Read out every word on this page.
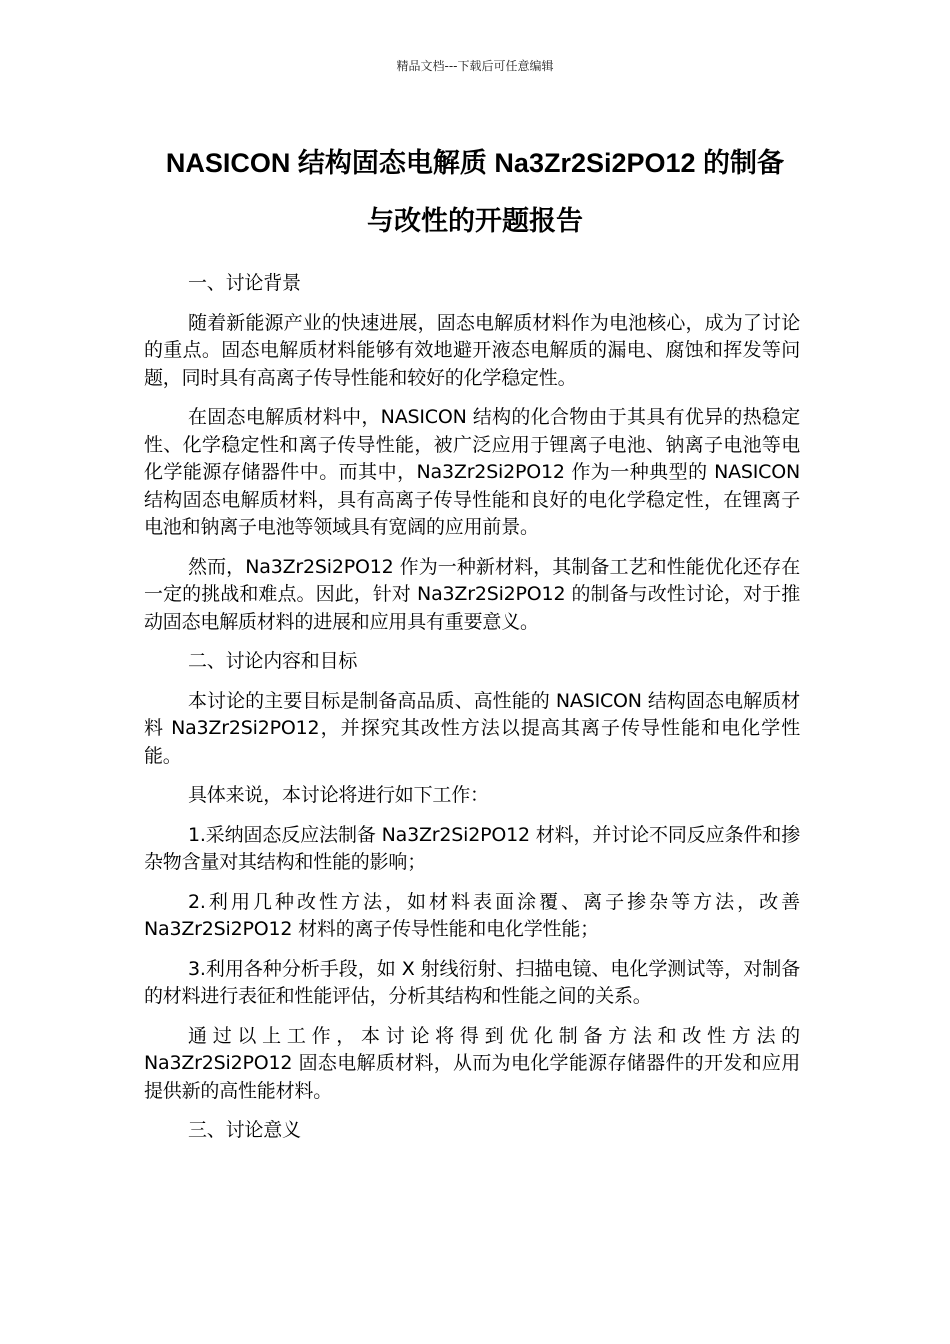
精品文档---下载后可任意编辑
NASICON 结构固态电解质 Na3Zr2Si2PO12 的制备
与改性的开题报告

一、讨论背景

随着新能源产业的快速进展，固态电解质材料作为电池核心，成为了讨论的重点。固态电解质材料能够有效地避开液态电解质的漏电、腐蚀和挥发等问题，同时具有高离子传导性能和较好的化学稳定性。

在固态电解质材料中，NASICON 结构的化合物由于其具有优异的热稳定性、化学稳定性和离子传导性能，被广泛应用于锂离子电池、钠离子电池等电化学能源存储器件中。而其中，Na3Zr2Si2PO12 作为一种典型的 NASICON 结构固态电解质材料，具有高离子传导性能和良好的电化学稳定性，在锂离子电池和钠离子电池等领域具有宽阔的应用前景。

然而，Na3Zr2Si2PO12 作为一种新材料，其制备工艺和性能优化还存在一定的挑战和难点。因此，针对 Na3Zr2Si2PO12 的制备与改性讨论，对于推动固态电解质材料的进展和应用具有重要意义。

二、讨论内容和目标

本讨论的主要目标是制备高品质、高性能的 NASICON 结构固态电解质材料 Na3Zr2Si2PO12，并探究其改性方法以提高其离子传导性能和电化学性能。

具体来说，本讨论将进行如下工作：

1.采纳固态反应法制备 Na3Zr2Si2PO12 材料，并讨论不同反应条件和掺杂物含量对其结构和性能的影响；

2.利用几种改性方法，如材料表面涂覆、离子掺杂等方法，改善 Na3Zr2Si2PO12 材料的离子传导性能和电化学性能；

3.利用各种分析手段，如 X 射线衍射、扫描电镜、电化学测试等，对制备的材料进行表征和性能评估，分析其结构和性能之间的关系。

通过以上工作，本讨论将得到优化制备方法和改性方法的 Na3Zr2Si2PO12 固态电解质材料，从而为电化学能源存储器件的开发和应用提供新的高性能材料。

三、讨论意义
